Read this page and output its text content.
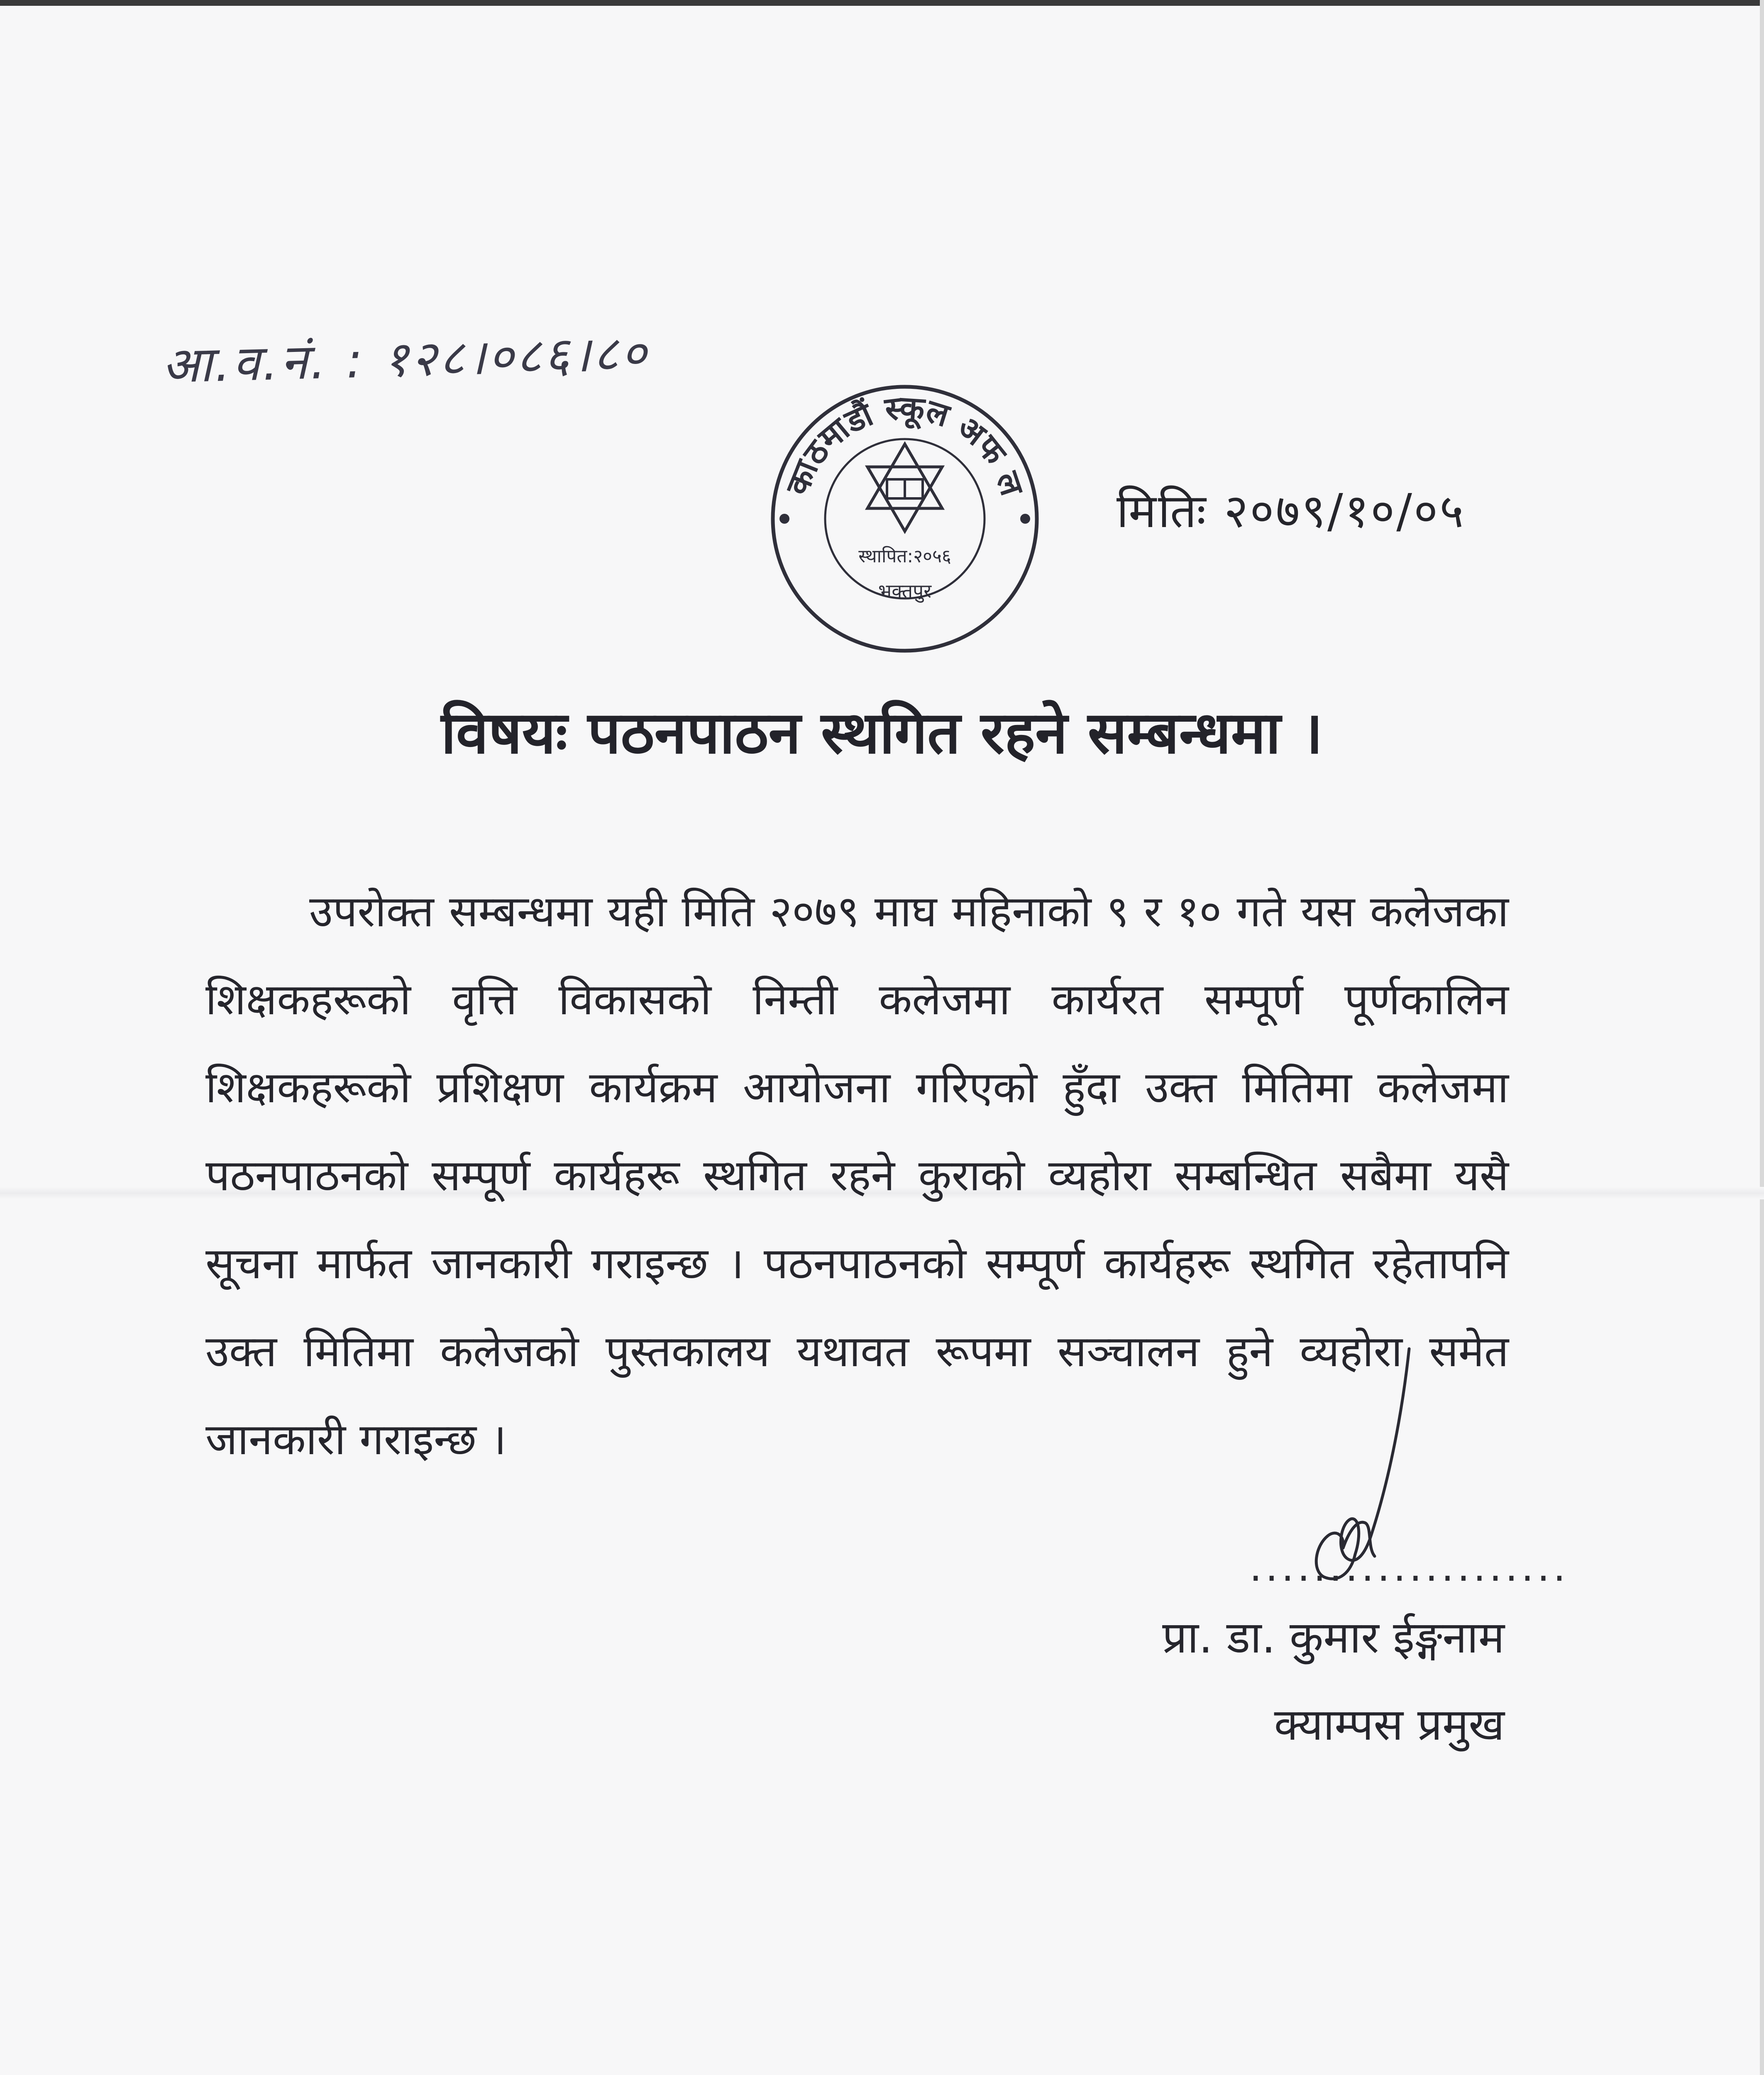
आ.व.नं. : १२८।०८६।८०
काठमाडौं स्कूल अफ ल
स्थापित:२०५६
भक्तपुर
मितिः २०७९/१०/०५
विषयः पठनपाठन स्थगित रहने सम्बन्धमा ।
उपरोक्त सम्बन्धमा यही मिति २०७९ माघ महिनाको ९ र १० गते यस कलेजका शिक्षकहरूको वृत्ति विकासको निम्ती कलेजमा कार्यरत सम्पूर्ण पूर्णकालिन शिक्षकहरूको प्रशिक्षण कार्यक्रम आयोजना गरिएको हुँदा उक्त मितिमा कलेजमा पठनपाठनको सम्पूर्ण कार्यहरू स्थगित रहने कुराको व्यहोरा सम्बन्धित सबैमा यसै सूचना मार्फत जानकारी गराइन्छ । पठनपाठनको सम्पूर्ण कार्यहरू स्थगित रहेतापनि उक्त मितिमा कलेजको पुस्तकालय यथावत रूपमा सञ्चालन हुने व्यहोरा समेत जानकारी गराइन्छ ।
....................
प्रा. डा. कुमार ईङ्गनाम
क्याम्पस प्रमुख
